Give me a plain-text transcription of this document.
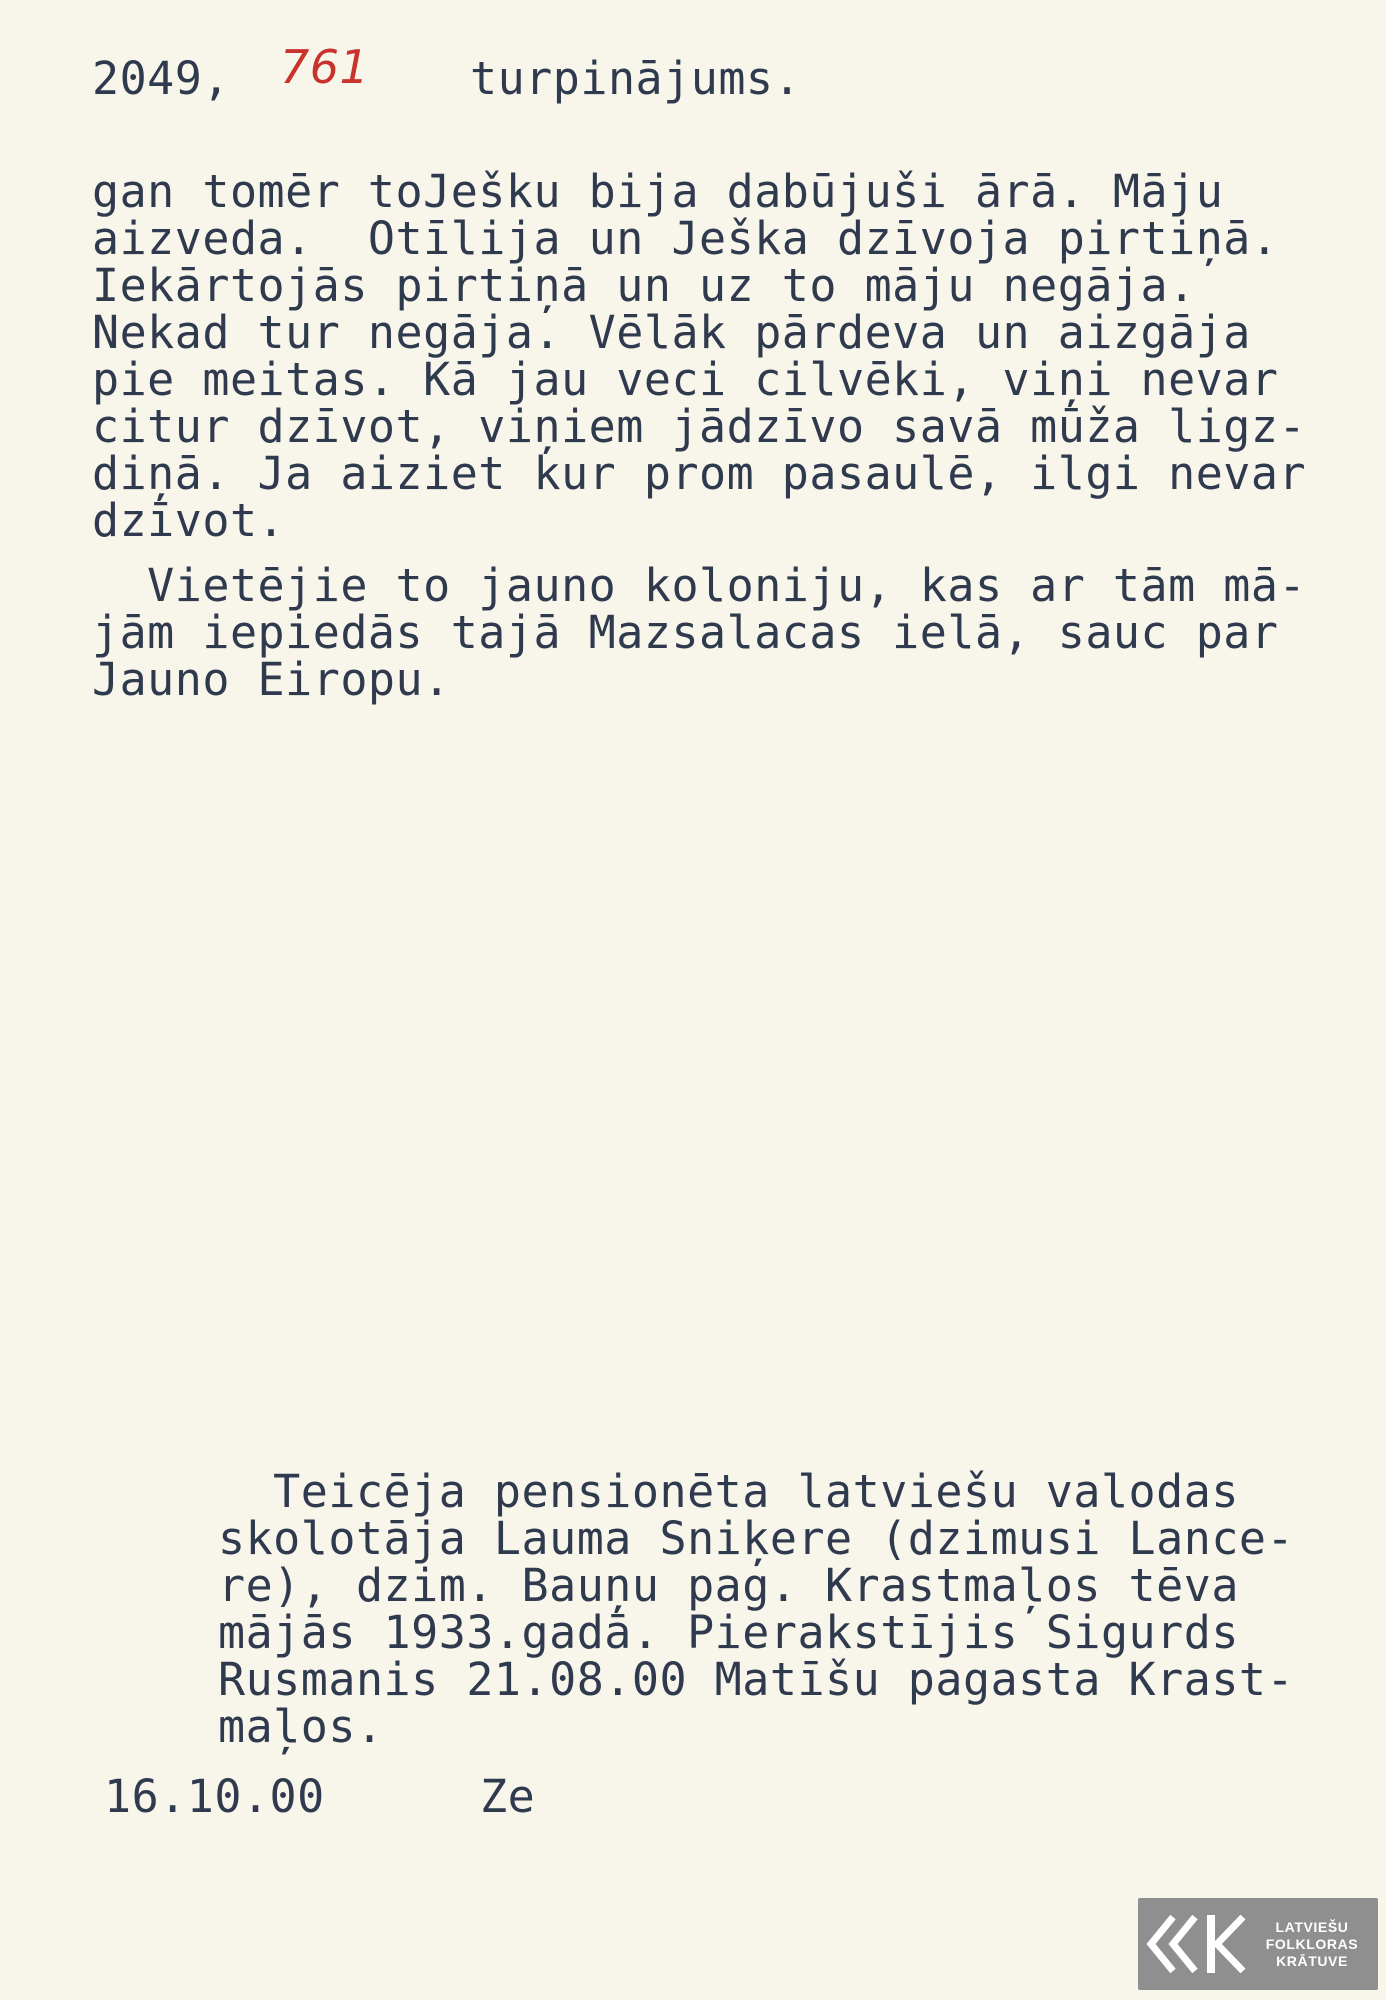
2049, 761 turpinājums.
gan tomēr toJešku bija dabūjuši ārā. Māju
aizveda.  Otīlija un Ješka dzīvoja pirtiņā.
Iekārtojās pirtiņā un uz to māju negāja.
Nekad tur negāja. Vēlāk pārdeva un aizgāja
pie meitas. Kā jau veci cilvēki, viņi nevar
citur dzīvot, viņiem jādzīvo savā mūža ligz-
diņā. Ja aiziet kur prom pasaulē, ilgi nevar
dzīvot.
Vietējie to jauno koloniju, kas ar tām mā-
jām iepiedās tajā Mazsalacas ielā, sauc par
Jauno Eiropu.
Teicēja pensionēta latviešu valodas
skolotāja Lauma Sniķere (dzimusi Lance-
re), dzim. Bauņu pag. Krastmaļos tēva
mājās 1933.gadā. Pierakstījis Sigurds
Rusmanis 21.08.00 Matīšu pagasta Krast-
maļos.
16.10.00	Ze
LATVIEŠU
FOLKLORAS
KRĀTUVE
